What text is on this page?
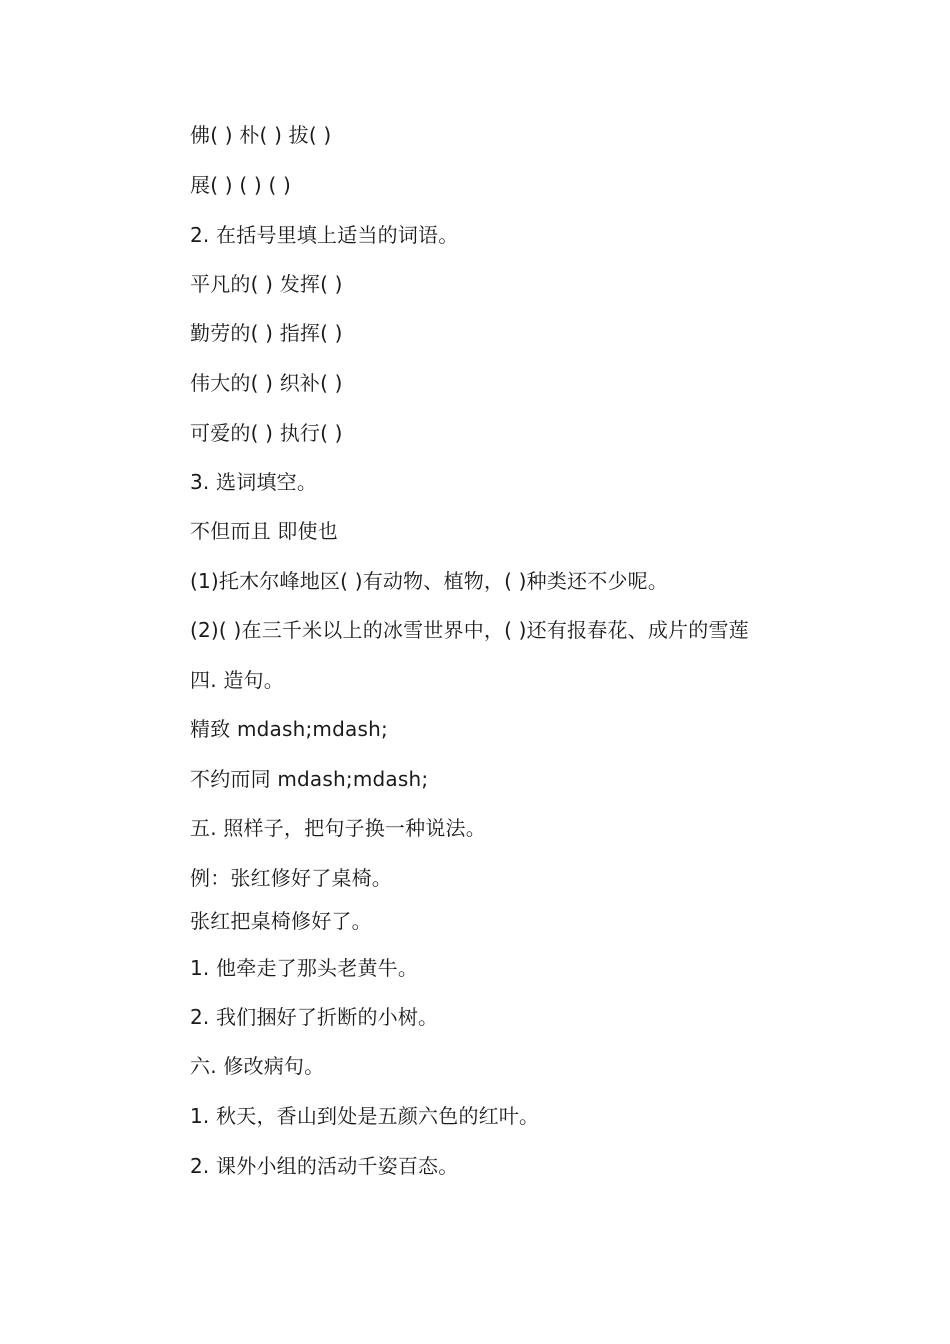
佛( ) 朴( ) 拔( )
展( ) ( ) ( )
2. 在括号里填上适当的词语。
平凡的( ) 发挥( )
勤劳的( ) 指挥( )
伟大的( ) 织补( )
可爱的( ) 执行( )
3. 选词填空。
不但而且 即使也
(1)托木尔峰地区( )有动物、植物，( )种类还不少呢。
(2)( )在三千米以上的冰雪世界中，( )还有报春花、成片的雪莲
四. 造句。
精致 mdash;mdash;
不约而同 mdash;mdash;
五. 照样子，把句子换一种说法。
例：张红修好了桌椅。
张红把桌椅修好了。
1. 他牵走了那头老黄牛。
2. 我们捆好了折断的小树。
六. 修改病句。
1. 秋天，香山到处是五颜六色的红叶。
2. 课外小组的活动千姿百态。
